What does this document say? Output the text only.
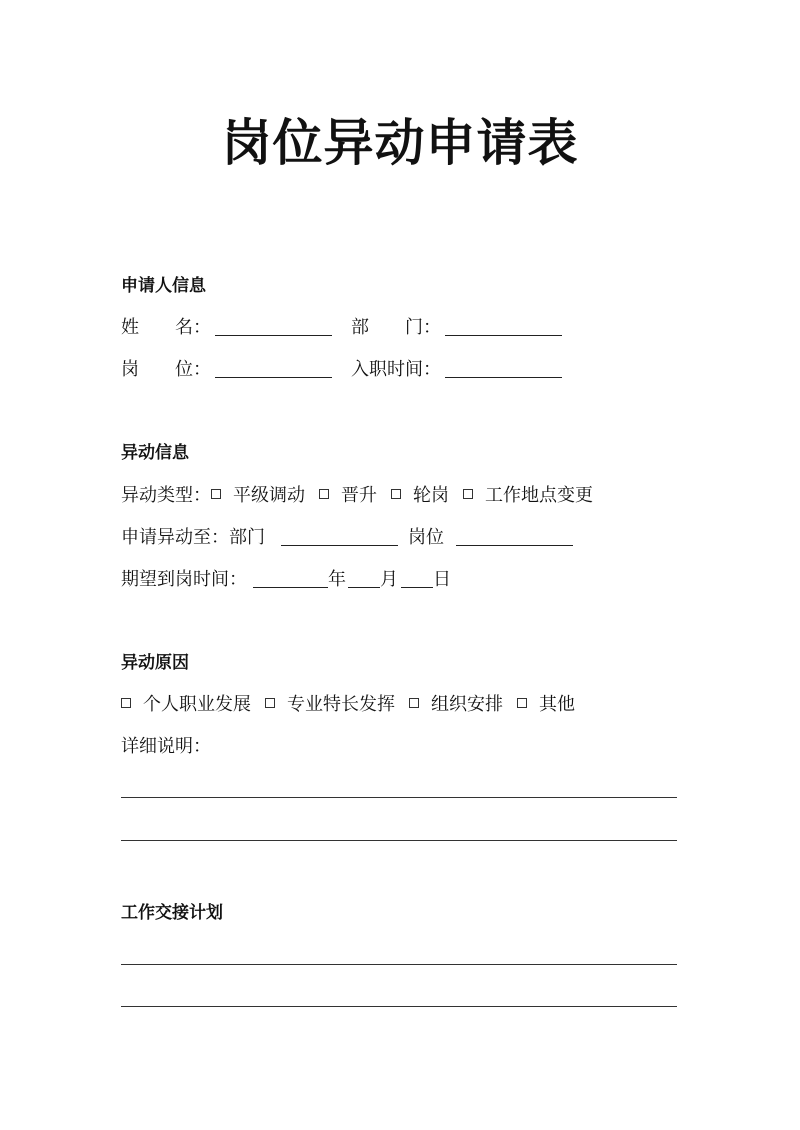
岗位异动申请表
申请人信息
姓　　名：	部　　门：
岗　　位：	入职时间：
异动信息
异动类型： 平级调动 晋升 轮岗 工作地点变更
申请异动至：部门	岗位
期望到岗时间：	年 月 日
异动原因
个人职业发展 专业特长发挥 组织安排 其他
详细说明：
工作交接计划
